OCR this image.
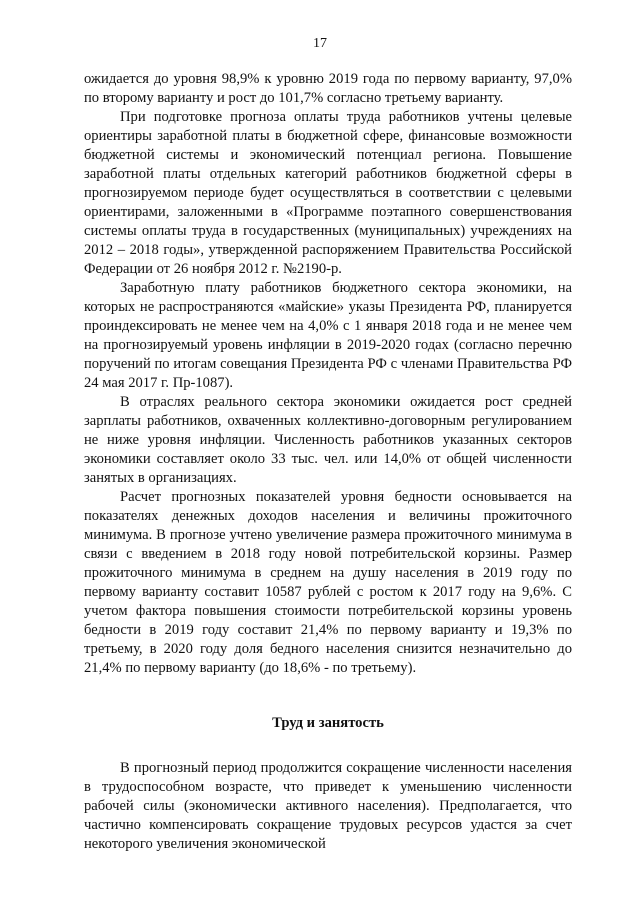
17

ожидается до уровня 98,9% к уровню 2019 года по первому варианту, 97,0% по второму варианту и рост до 101,7% согласно третьему варианту.

При подготовке прогноза оплаты труда работников учтены целевые ориентиры заработной платы в бюджетной сфере, финансовые возможности бюджетной системы и экономический потенциал региона. Повышение заработной платы отдельных категорий работников бюджетной сферы в прогнозируемом периоде будет осуществляться в соответствии с целевыми ориентирами, заложенными в «Программе поэтапного совершенствования системы оплаты труда в государственных (муниципальных) учреждениях на 2012 – 2018 годы», утвержденной распоряжением Правительства Российской Федерации от 26 ноября 2012 г. №2190-р.

Заработную плату работников бюджетного сектора экономики, на которых не распространяются «майские» указы Президента РФ, планируется проиндексировать не менее чем на 4,0% с 1 января 2018 года и не менее чем на прогнозируемый уровень инфляции в 2019-2020 годах (согласно перечню поручений по итогам совещания Президента РФ с членами Правительства РФ 24 мая 2017 г. Пр-1087).

В отраслях реального сектора экономики ожидается рост средней зарплаты работников, охваченных коллективно-договорным регулированием не ниже уровня инфляции. Численность работников указанных секторов экономики составляет около 33 тыс. чел. или 14,0% от общей численности занятых в организациях.

Расчет прогнозных показателей уровня бедности основывается на показателях денежных доходов населения и величины прожиточного минимума. В прогнозе учтено увеличение размера прожиточного минимума в связи с введением в 2018 году новой потребительской корзины. Размер прожиточного минимума в среднем на душу населения в 2019 году по первому варианту составит 10587 рублей с ростом к 2017 году на 9,6%. С учетом фактора повышения стоимости потребительской корзины уровень бедности в 2019 году составит 21,4% по первому варианту и 19,3% по третьему, в 2020 году доля бедного населения снизится незначительно до 21,4% по первому варианту (до 18,6% - по третьему).

Труд и занятость

В прогнозный период продолжится сокращение численности населения в трудоспособном возрасте, что приведет к уменьшению численности рабочей силы (экономически активного населения). Предполагается, что частично компенсировать сокращение трудовых ресурсов удастся за счет некоторого увеличения экономической
